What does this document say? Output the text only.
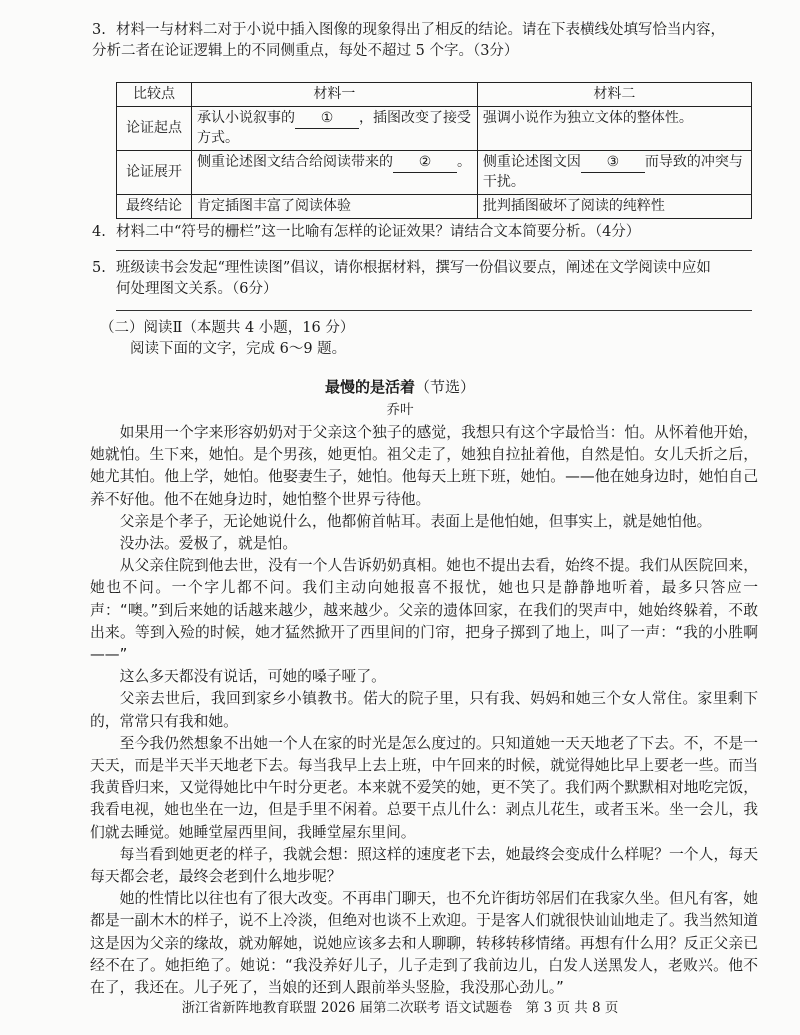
3. 材料一与材料二对于小说中插入图像的现象得出了相反的结论。请在下表横线处填写恰当内容，
分析二者在论证逻辑上的不同侧重点，每处不超过 5 个字。（3分）
比较点	材料一	材料二
论证起点	承认小说叙事的 ① ，插图改变了接受方式。	强调小说作为独立文体的整体性。
论证展开	侧重论述图文结合给阅读带来的 ② 。	侧重论述图文因 ③ 而导致的冲突与干扰。
最终结论	肯定插图丰富了阅读体验	批判插图破坏了阅读的纯粹性
4. 材料二中“符号的栅栏”这一比喻有怎样的论证效果？请结合文本简要分析。（4分）
5. 班级读书会发起“理性读图”倡议，请你根据材料，撰写一份倡议要点，阐述在文学阅读中应如
何处理图文关系。（6分）
（二）阅读Ⅱ（本题共 4 小题，16 分）
阅读下面的文字，完成 6～9 题。
最慢的是活着（节选）
乔叶

如果用一个字来形容奶奶对于父亲这个独子的感觉，我想只有这个字最恰当：怕。从怀着他开始，她就怕。生下来，她怕。是个男孩，她更怕。祖父走了，她独自拉扯着他，自然是怕。女儿夭折之后，她尤其怕。他上学，她怕。他娶妻生子，她怕。他每天上班下班，她怕。——他在她身边时，她怕自己养不好他。他不在她身边时，她怕整个世界亏待他。

父亲是个孝子，无论她说什么，他都俯首帖耳。表面上是他怕她，但事实上，就是她怕他。

没办法。爱极了，就是怕。

从父亲住院到他去世，没有一个人告诉奶奶真相。她也不提出去看，始终不提。我们从医院回来，她也不问。一个字儿都不问。我们主动向她报喜不报忧，她也只是静静地听着，最多只答应一声：“噢。”到后来她的话越来越少，越来越少。父亲的遗体回家，在我们的哭声中，她始终躲着，不敢出来。等到入殓的时候，她才猛然掀开了西里间的门帘，把身子掷到了地上，叫了一声：“我的小胜啊——”

这么多天都没有说话，可她的嗓子哑了。

父亲去世后，我回到家乡小镇教书。偌大的院子里，只有我、妈妈和她三个女人常住。家里剩下的，常常只有我和她。

至今我仍然想象不出她一个人在家的时光是怎么度过的。只知道她一天天地老了下去。不，不是一天天，而是半天半天地老下去。每当我早上去上班，中午回来的时候，就觉得她比早上要老一些。而当我黄昏归来，又觉得她比中午时分更老。本来就不爱笑的她，更不笑了。我们两个默默相对地吃完饭，我看电视，她也坐在一边，但是手里不闲着。总要干点儿什么：剥点儿花生，或者玉米。坐一会儿，我们就去睡觉。她睡堂屋西里间，我睡堂屋东里间。

每当看到她更老的样子，我就会想：照这样的速度老下去，她最终会变成什么样呢？一个人，每天每天都会老，最终会老到什么地步呢？

她的性情比以往也有了很大改变。不再串门聊天，也不允许街坊邻居们在我家久坐。但凡有客，她都是一副木木的样子，说不上冷淡，但绝对也谈不上欢迎。于是客人们就很快讪讪地走了。我当然知道这是因为父亲的缘故，就劝解她，说她应该多去和人聊聊，转移转移情绪。再想有什么用？反正父亲已经不在了。她拒绝了。她说：“我没养好儿子，儿子走到了我前边儿，白发人送黑发人，老败兴。他不在了，我还在。儿子死了，当娘的还到人跟前举头竖脸，我没那心劲儿。”

浙江省新阵地教育联盟 2026 届第二次联考 语文试题卷　第 3 页 共 8 页
